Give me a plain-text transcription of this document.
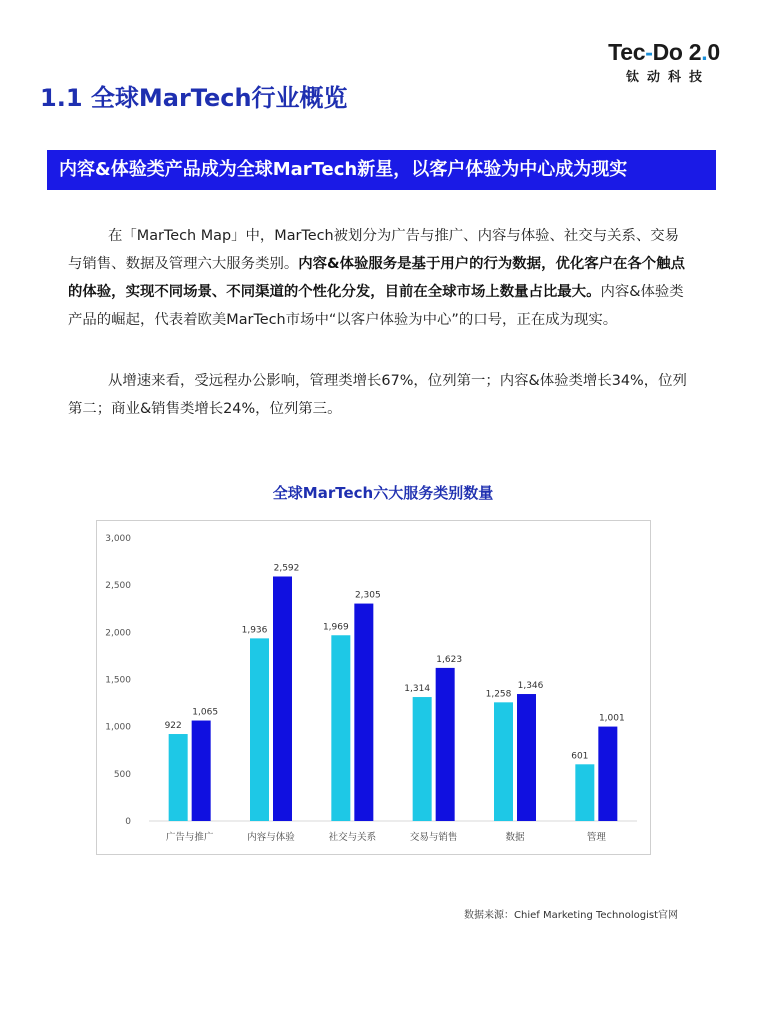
Tec-Do 2.0
钛动科技
1.1 全球MarTech行业概览
内容&体验类产品成为全球MarTech新星，以客户体验为中心成为现实

在「MarTech Map」中，MarTech被划分为广告与推广、内容与体验、社交与关系、交易与销售、数据及管理六大服务类别。内容&体验服务是基于用户的行为数据，优化客户在各个触点的体验，实现不同场景、不同渠道的个性化分发，目前在全球市场上数量占比最大。内容&体验类产品的崛起，代表着欧美MarTech市场中“以客户体验为中心”的口号，正在成为现实。

从增速来看，受远程办公影响，管理类增长67%，位列第一；内容&体验类增长34%，位列第二；商业&销售类增长24%，位列第三。

全球MarTech六大服务类别数量
0
500
1,000
1,500
2,000
2,500
3,000
922
1,065
广告与推广
1,936
2,592
内容与体验
1,969
2,305
社交与关系
1,314
1,623
交易与销售
1,258
1,346
数据
601
1,001
管理
数据来源：Chief Marketing Technologist官网
